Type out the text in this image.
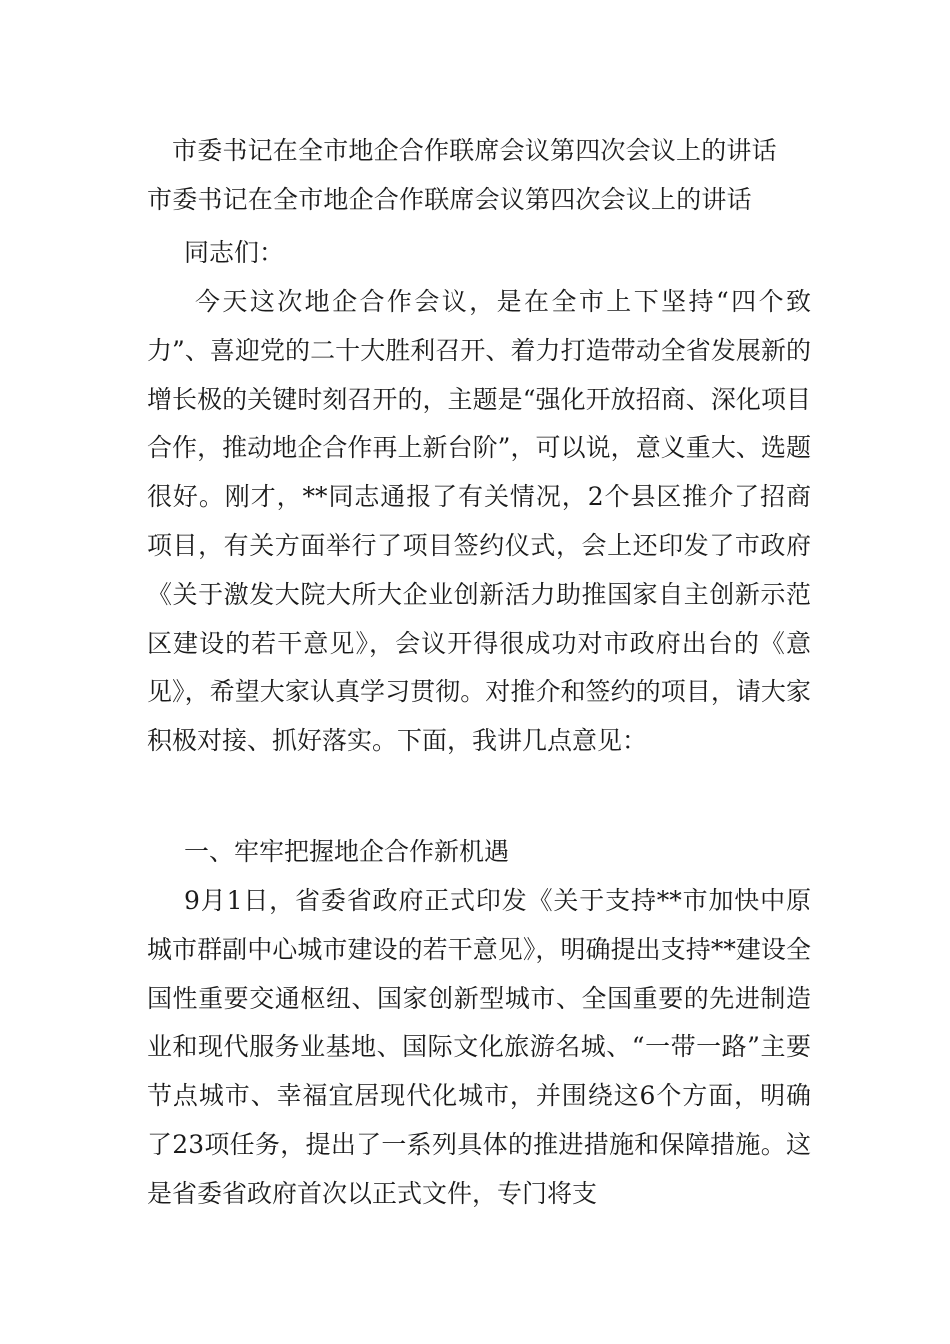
市委书记在全市地企合作联席会议第四次会议上的讲话
市委书记在全市地企合作联席会议第四次会议上的讲话
同志们：
今天这次地企合作会议，是在全市上下坚持“四个致力”、喜迎党的二十大胜利召开、着力打造带动全省发展新的增长极的关键时刻召开的，主题是“强化开放招商、深化项目合作，推动地企合作再上新台阶”，可以说，意义重大、选题很好。刚才，**同志通报了有关情况，2个县区推介了招商项目，有关方面举行了项目签约仪式，会上还印发了市政府《关于激发大院大所大企业创新活力助推国家自主创新示范区建设的若干意见》，会议开得很成功对市政府出台的《意见》，希望大家认真学习贯彻。对推介和签约的项目，请大家积极对接、抓好落实。下面，我讲几点意见：
一、牢牢把握地企合作新机遇
9月1日，省委省政府正式印发《关于支持**市加快中原城市群副中心城市建设的若干意见》，明确提出支持**建设全国性重要交通枢纽、国家创新型城市、全国重要的先进制造业和现代服务业基地、国际文化旅游名城、“一带一路”主要节点城市、幸福宜居现代化城市，并围绕这6个方面，明确了23项任务，提出了一系列具体的推进措施和保障措施。这是省委省政府首次以正式文件，专门将支
